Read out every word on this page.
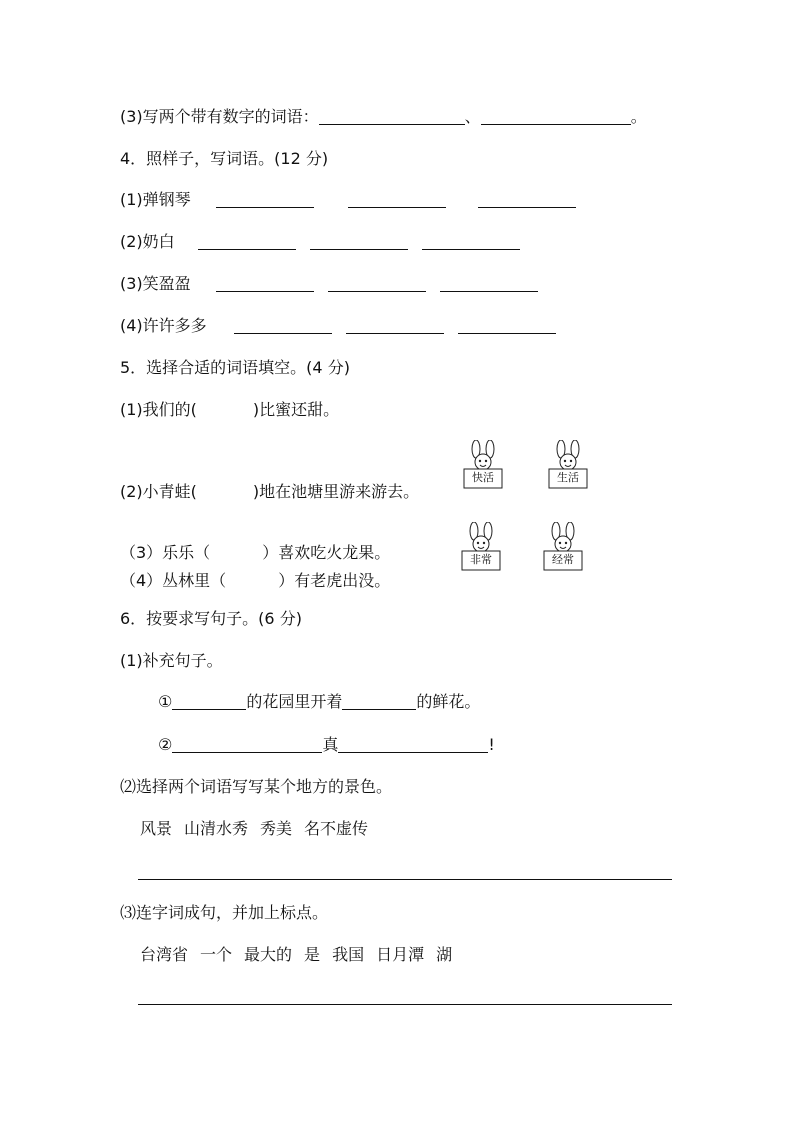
(3)写两个带有数字的词语：	、	。
4．照样子，写词语。(12 分)
(1)弹钢琴
(2)奶白
(3)笑盈盈
(4)许许多多
5．选择合适的词语填空。(4 分)
(1)我们的(	)比蜜还甜。
(2)小青蛙(	)地在池塘里游来游去。
（3）乐乐（	）喜欢吃火龙果。
（4）丛林里（	）有老虎出没。
快活	生活
非常	经常
6．按要求写句子。(6 分)
(1)补充句子。
①	的花园里开着	的鲜花。
②	真	!
⑵选择两个词语写写某个地方的景色。
风景 山清水秀 秀美 名不虚传
⑶连字词成句，并加上标点。
台湾省 一个 最大的 是 我国 日月潭 湖
